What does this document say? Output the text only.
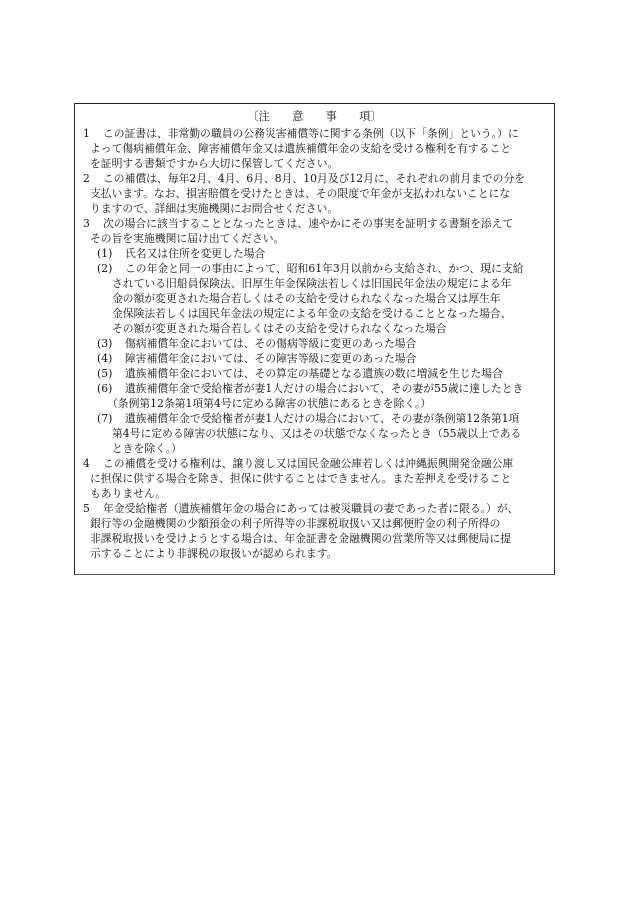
〔注　　意　　事　　項〕
1 この証書は、非常勤の職員の公務災害補償等に関する条例（以下「条例」という。）に
よって傷病補償年金、障害補償年金又は遺族補償年金の支給を受ける権利を有すること
を証明する書類ですから大切に保管してください。
2 この補償は、毎年2月、4月、6月、8月、10月及び12月に、それぞれの前月までの分を
支払います。なお、損害賠償を受けたときは、その限度で年金が支払われないことにな
りますので、詳細は実施機関にお問合せください。
3 次の場合に該当することとなったときは、速やかにその事実を証明する書類を添えて
その旨を実施機関に届け出てください。
(1) 氏名又は住所を変更した場合
(2) この年金と同一の事由によって、昭和61年3月以前から支給され、かつ、現に支給
されている旧船員保険法、旧厚生年金保険法若しくは旧国民年金法の規定による年
金の額が変更された場合若しくはその支給を受けられなくなった場合又は厚生年
金保険法若しくは国民年金法の規定による年金の支給を受けることとなった場合、
その額が変更された場合若しくはその支給を受けられなくなった場合
(3) 傷病補償年金においては、その傷病等級に変更のあった場合
(4) 障害補償年金においては、その障害等級に変更のあった場合
(5) 遺族補償年金においては、その算定の基礎となる遺族の数に増減を生じた場合
(6) 遺族補償年金で受給権者が妻1人だけの場合において、その妻が55歳に達したとき
（条例第12条第1項第4号に定める障害の状態にあるときを除く。）
(7) 遺族補償年金で受給権者が妻1人だけの場合において、その妻が条例第12条第1項
第4号に定める障害の状態になり、又はその状態でなくなったとき（55歳以上である
ときを除く。）
4 この補償を受ける権利は、譲り渡し又は国民金融公庫若しくは沖縄振興開発金融公庫
に担保に供する場合を除き、担保に供することはできません。また差押えを受けること
もありません。
5 年金受給権者（遺族補償年金の場合にあっては被災職員の妻であった者に限る。）が、
銀行等の金融機関の少額預金の利子所得等の非課税取扱い又は郵便貯金の利子所得の
非課税取扱いを受けようとする場合は、年金証書を金融機関の営業所等又は郵便局に提
示することにより非課税の取扱いが認められます。
